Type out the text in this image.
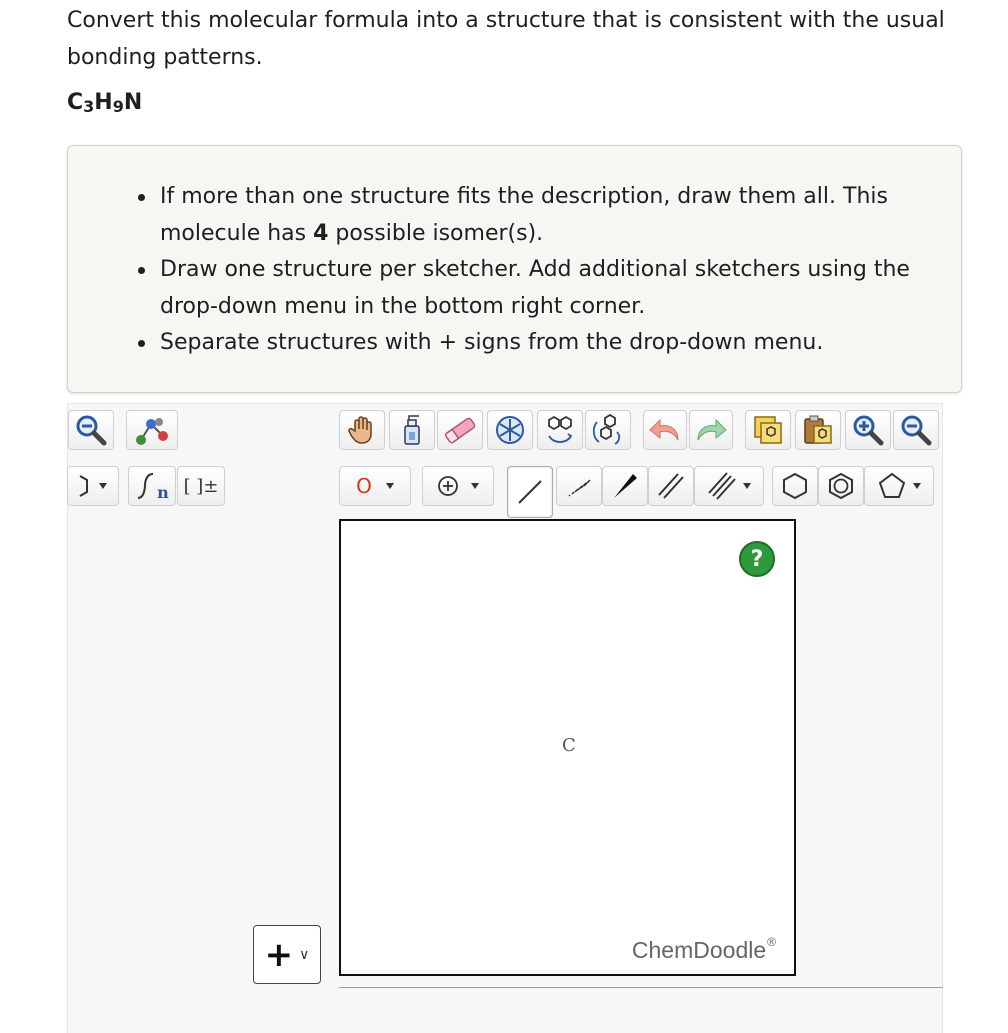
Convert this molecular formula into a structure that is consistent with the usual bonding patterns.
$C_3H_9N$
If more than one structure fits the description, draw them all. This molecule has 4 possible isomer(s).
Draw one structure per sketcher. Add additional sketchers using the drop-down menu in the bottom right corner.
Separate structures with + signs from the drop-down menu.
n [ ]±	O
?
C
ChemDoodle®
+ ∨
